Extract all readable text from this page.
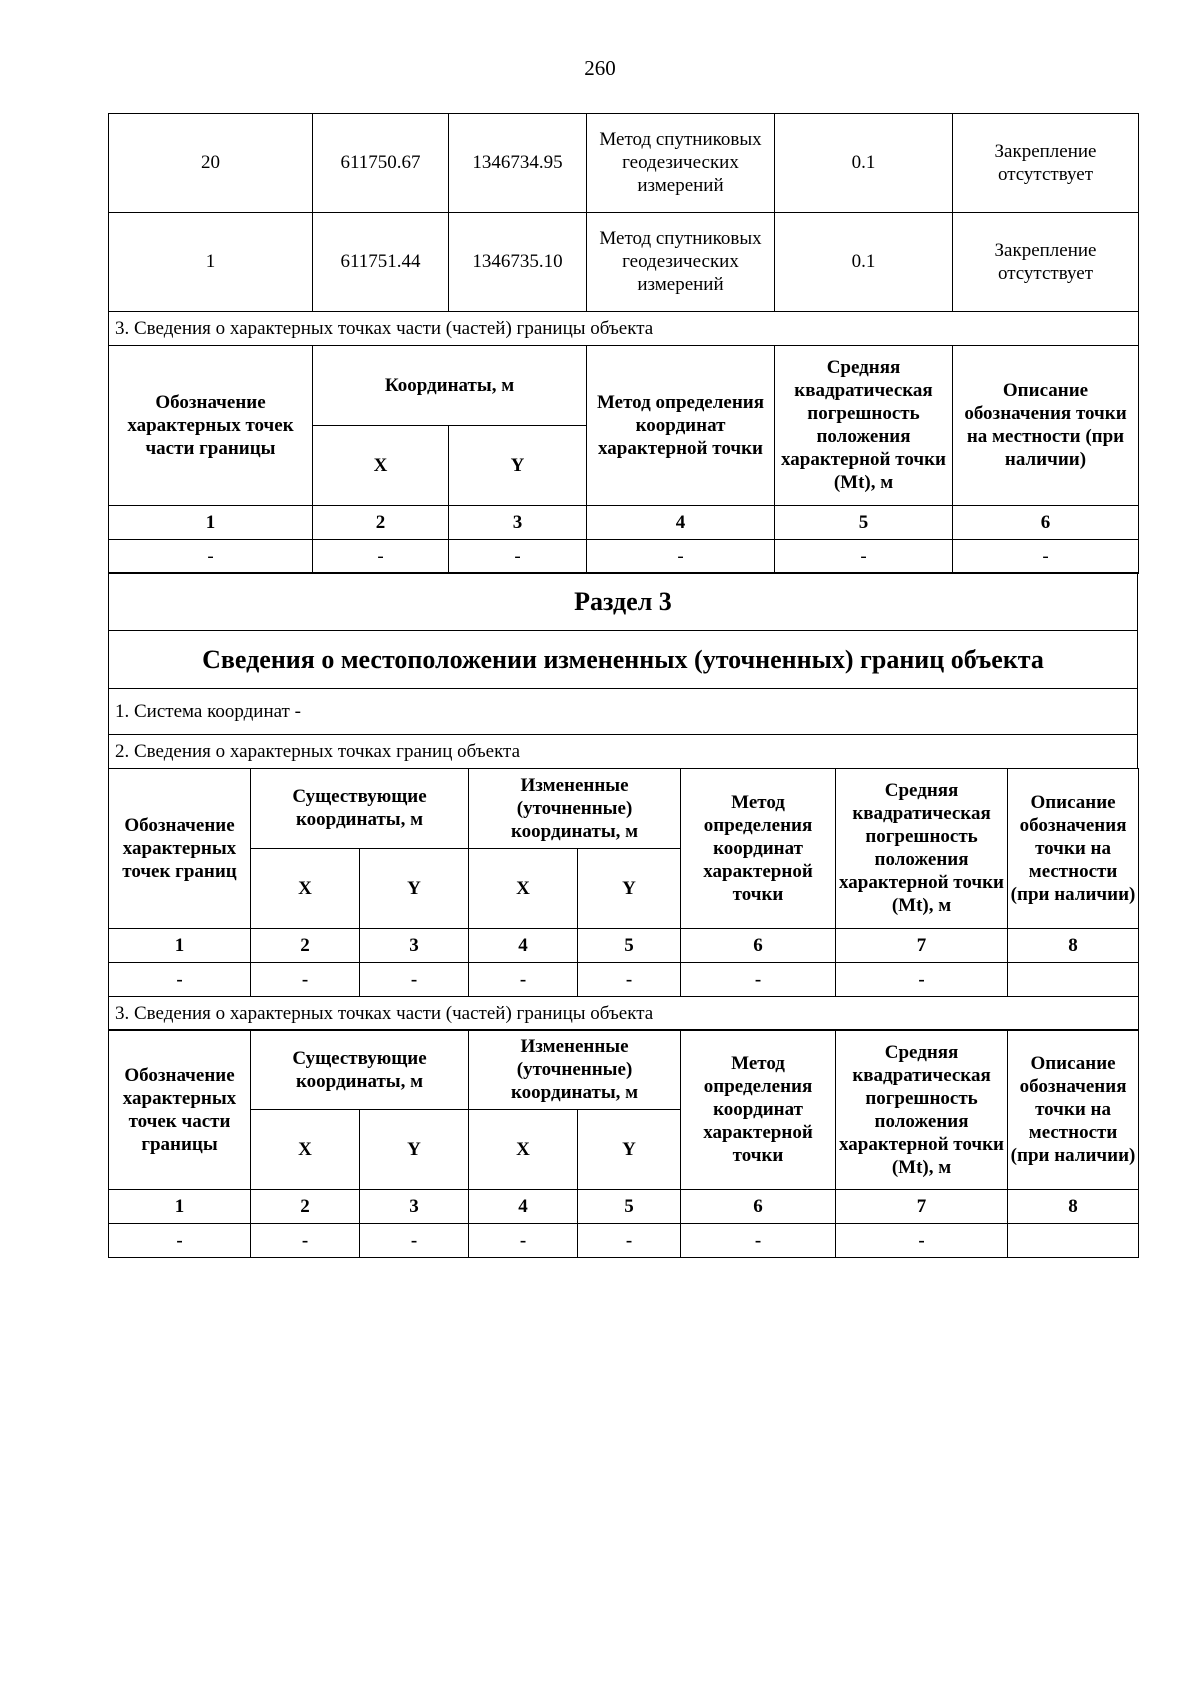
260
20	611750.67	1346734.95	Метод спутниковых геодезических измерений	0.1	Закрепление отсутствует
1	611751.44	1346735.10	Метод спутниковых геодезических измерений	0.1	Закрепление отсутствует
3. Сведения о характерных точках части (частей) границы объекта					
Обозначение характерных точек части границы	Координаты, м		Метод определения координат характерной точки	Средняя квадратическая погрешность положения характерной точки (Mt), м	Описание обозначения точки на местности (при наличии)
	X	Y			
1	2	3	4	5	6
-	-	-	-	-	-
Раздел 3
Сведения о местоположении измененных (уточненных) границ объекта
1. Система координат -
2. Сведения о характерных точках границ объекта
Обозначение характерных точек границ	Существующие координаты, м		Измененные (уточненные) координаты, м		Метод определения координат характерной точки	Средняя квадратическая погрешность положения характерной точки (Mt), м	Описание обозначения точки на местности (при наличии)
	X	Y	X	Y			
1	2	3	4	5	6	7	8
-	-	-	-	-	-	-	
3. Сведения о характерных точках части (частей) границы объекта							
Обозначение характерных точек части границы	Существующие координаты, м		Измененные (уточненные) координаты, м		Метод определения координат характерной точки	Средняя квадратическая погрешность положения характерной точки (Mt), м	Описание обозначения точки на местности (при наличии)
	X	Y	X	Y			
1	2	3	4	5	6	7	8
-	-	-	-	-	-	-	
